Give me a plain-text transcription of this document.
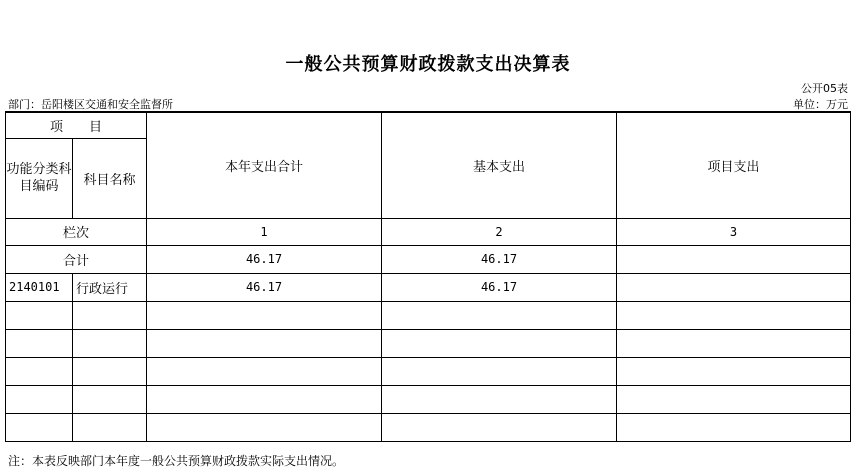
一般公共预算财政拨款支出决算表
公开05表
部门：岳阳楼区交通和安全监督所	单位：万元
项　　目		本年支出合计	基本支出	项目支出
功能分类科目编码	科目名称			
栏次		1	2	3
合计		46.17	46.17	
2140101	行政运行	46.17	46.17	

注：本表反映部门本年度一般公共预算财政拨款实际支出情况。
